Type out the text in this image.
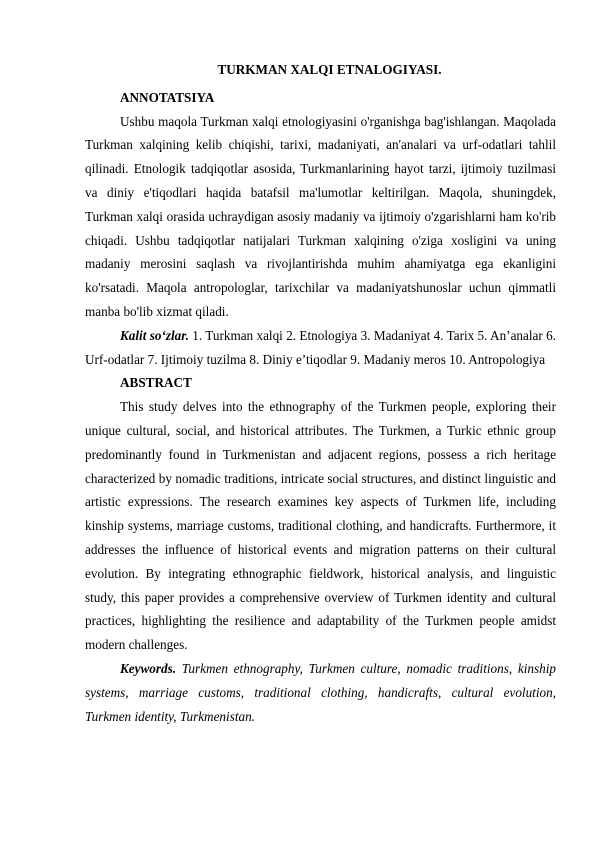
TURKMAN XALQI ETNALOGIYASI.

ANNOTATSIYA

Ushbu maqola Turkman xalqi etnologiyasini o'rganishga bag'ishlangan. Maqolada Turkman xalqining kelib chiqishi, tarixi, madaniyati, an'analari va urf-odatlari tahlil qilinadi. Etnologik tadqiqotlar asosida, Turkmanlarining hayot tarzi, ijtimoiy tuzilmasi va diniy e'tiqodlari haqida batafsil ma'lumotlar keltirilgan. Maqola, shuningdek, Turkman xalqi orasida uchraydigan asosiy madaniy va ijtimoiy o'zgarishlarni ham ko'rib chiqadi. Ushbu tadqiqotlar natijalari Turkman xalqining o'ziga xosligini va uning madaniy merosini saqlash va rivojlantirishda muhim ahamiyatga ega ekanligini ko'rsatadi. Maqola antropologlar, tarixchilar va madaniyatshunoslar uchun qimmatli manba bo'lib xizmat qiladi.

Kalit so‘zlar. 1. Turkman xalqi 2. Etnologiya 3. Madaniyat 4. Tarix 5. An’analar 6. Urf-odatlar 7. Ijtimoiy tuzilma 8. Diniy e’tiqodlar 9. Madaniy meros 10. Antropologiya

ABSTRACT

This study delves into the ethnography of the Turkmen people, exploring their unique cultural, social, and historical attributes. The Turkmen, a Turkic ethnic group predominantly found in Turkmenistan and adjacent regions, possess a rich heritage characterized by nomadic traditions, intricate social structures, and distinct linguistic and artistic expressions. The research examines key aspects of Turkmen life, including kinship systems, marriage customs, traditional clothing, and handicrafts. Furthermore, it addresses the influence of historical events and migration patterns on their cultural evolution. By integrating ethnographic fieldwork, historical analysis, and linguistic study, this paper provides a comprehensive overview of Turkmen identity and cultural practices, highlighting the resilience and adaptability of the Turkmen people amidst modern challenges.

Keywords. Turkmen ethnography, Turkmen culture, nomadic traditions, kinship systems, marriage customs, traditional clothing, handicrafts, cultural evolution, Turkmen identity, Turkmenistan.
